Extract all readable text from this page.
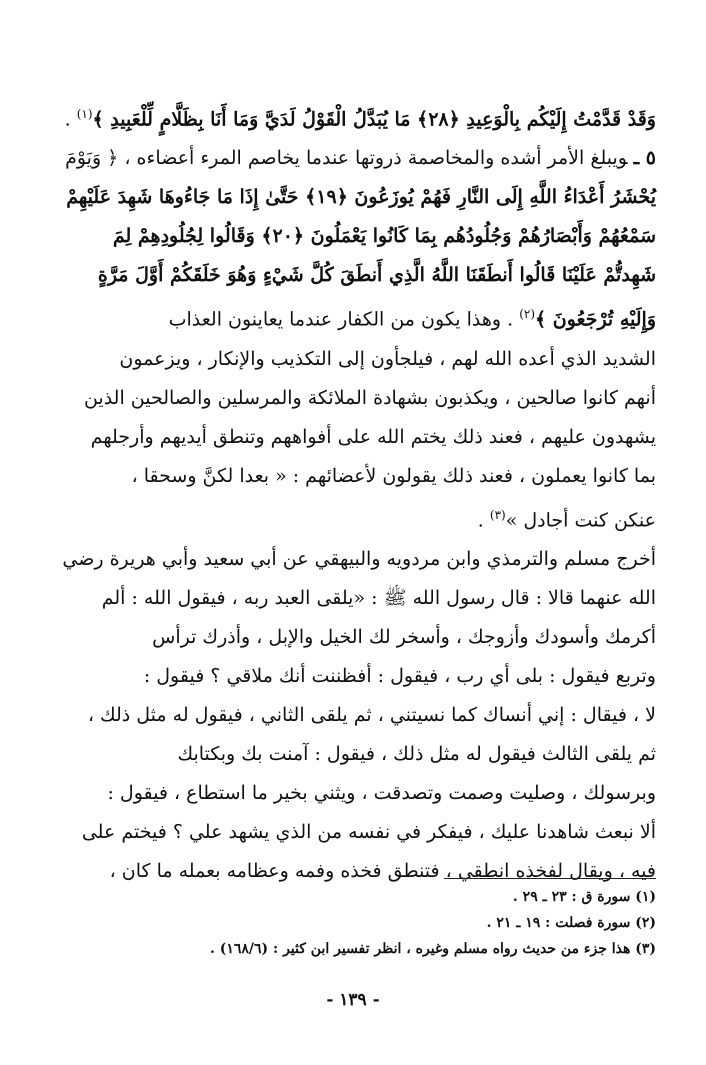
وَقَدْ قَدَّمْتُ إِلَيْكُم بِالْوَعِيدِ ﴿٢٨﴾ مَا يُبَدَّلُ الْقَوْلُ لَدَيَّ وَمَا أَنَا بِظَلَّامٍ لِّلْعَبِيدِ ﴾$^{(١)}$ .

٥ ـويبلغ الأمر أشده والمخاصمة ذروتها عندما يخاصم المرء أعضاءه ، ﴿ وَيَوْمَ

يُحْشَرُ أَعْدَاءُ اللَّهِ إِلَى النَّارِ فَهُمْ يُوزَعُونَ ﴿١٩﴾ حَتَّىٰ إِذَا مَا جَاءُوهَا شَهِدَ عَلَيْهِمْ

سَمْعُهُمْ وَأَبْصَارُهُمْ وَجُلُودُهُم بِمَا كَانُوا يَعْمَلُونَ ﴿٢٠﴾ وَقَالُوا لِجُلُودِهِمْ لِمَ

شَهِدتُّمْ عَلَيْنَا قَالُوا أَنطَقَنَا اللَّهُ الَّذِي أَنطَقَ كُلَّ شَيْءٍ وَهُوَ خَلَقَكُمْ أَوَّلَ مَرَّةٍ

وَإِلَيْهِ تُرْجَعُونَ ﴾$^{(٢)}$ . وهذا يكون من الكفار عندما يعاينون العذاب

الشديد الذي أعده الله لهم ، فيلجأون إلى التكذيب والإنكار ، ويزعمون

أنهم كانوا صالحين ، ويكذبون بشهادة الملائكة والمرسلين والصالحين الذين

يشهدون عليهم ، فعند ذلك يختم الله على أفواههم وتنطق أيديهم وأرجلهم

بما كانوا يعملون ، فعند ذلك يقولون لأعضائهم : « بعدا لكنَّ وسحقا ،

عنكن كنت أجادل »$^{(٣)}$ .

أخرج مسلم والترمذي وابن مردويه والبيهقي عن أبي سعيد وأبي هريرة رضي

الله عنهما قالا : قال رسول الله ﷺ : «يلقى العبد ربه ، فيقول الله : ألم

أكرمك وأسودك وأزوجك ، وأسخر لك الخيل والإبل ، وأذرك ترأس

وتربع فيقول : بلى أي رب ، فيقول : أفظننت أنك ملاقي ؟ فيقول :

لا ، فيقال : إني أنساك كما نسيتني ، ثم يلقى الثاني ، فيقول له مثل ذلك ،

ثم يلقى الثالث فيقول له مثل ذلك ، فيقول : آمنت بك وبكتابك

وبرسولك ، وصليت وصمت وتصدقت ، ويثني بخير ما استطاع ، فيقول :

ألا نبعث شاهدنا عليك ، فيفكر في نفسه من الذي يشهد علي ؟ فيختم على

فيه ، ويقال لفخذه انطقي ، فتنطق فخذه وفمه وعظامه بعمله ما كان ،

(١) سورة ق : ٢٣ ـ ٢٩ .
(٢) سورة فصلت : ١٩ ـ ٢١ .
(٣) هذا جزء من حديث رواه مسلم وغيره ، انظر تفسير ابن كثير : (١٦٨/٦) .
- ١٣٩ -
